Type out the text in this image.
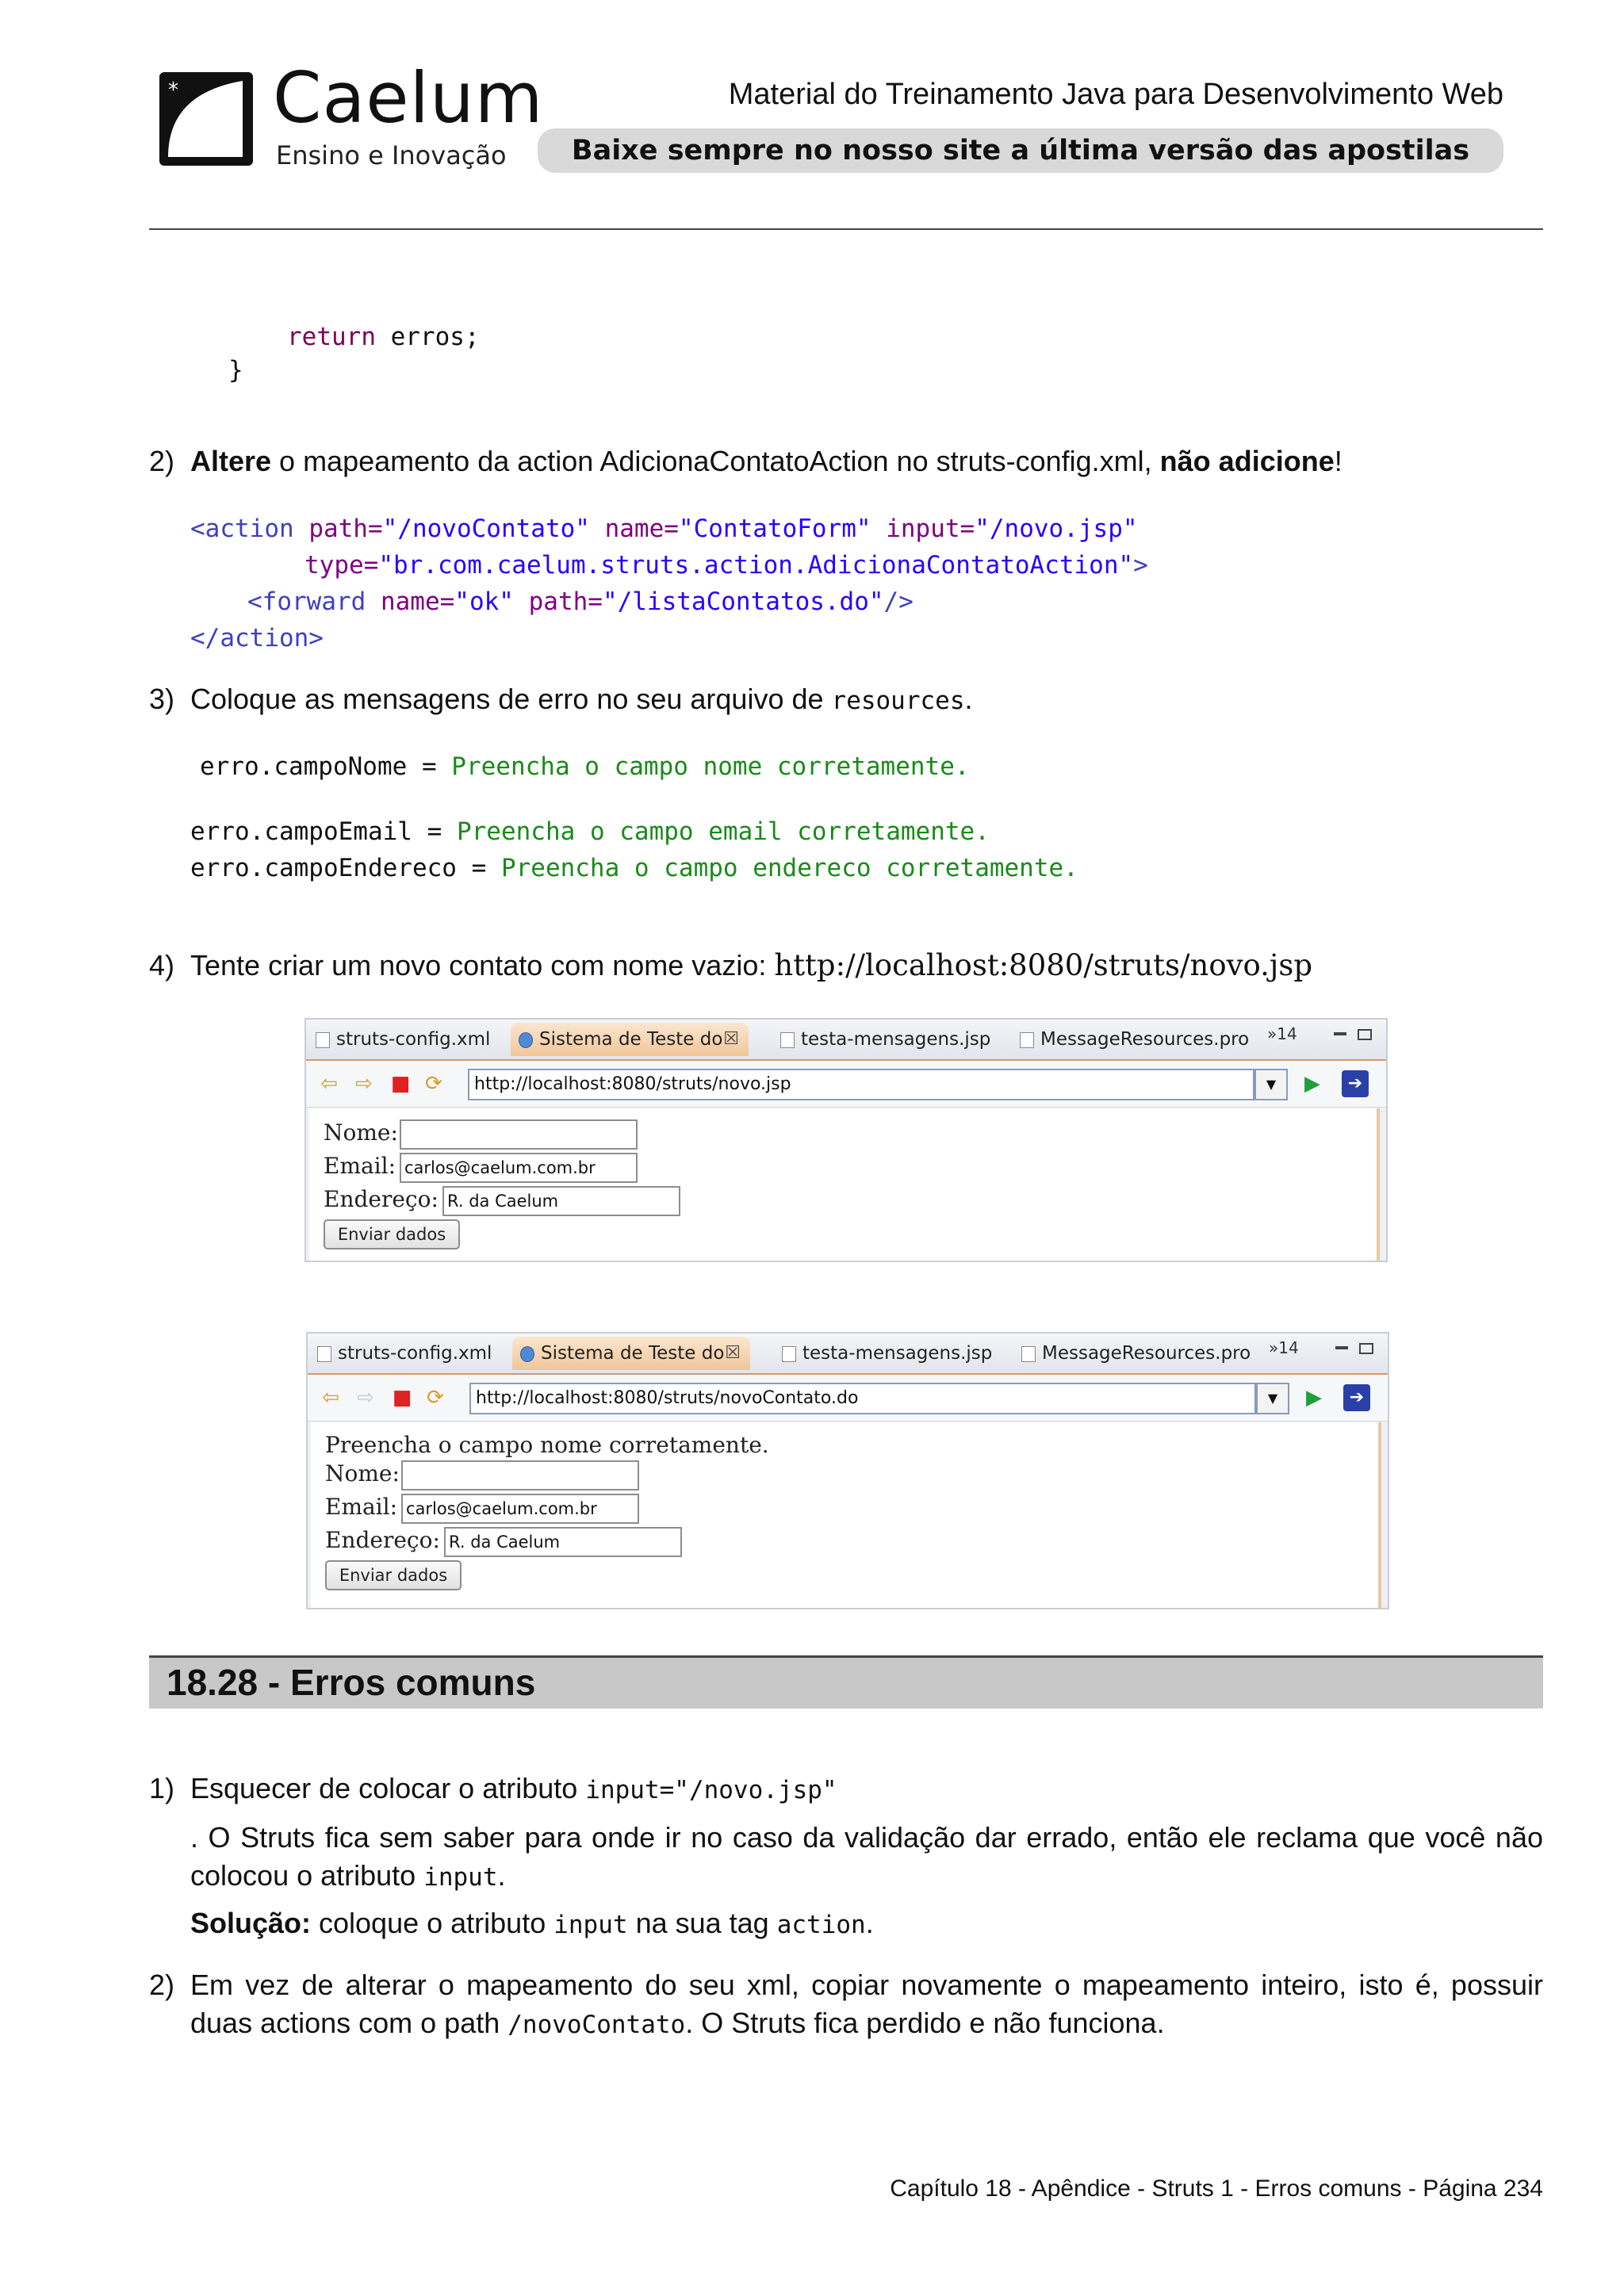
* Caelum
Ensino e Inovação
Material do Treinamento Java para Desenvolvimento Web
Baixe sempre no nosso site a última versão das apostilas
return erros;
}
2) Altere o mapeamento da action AdicionaContatoAction no struts-config.xml, não adicione!
<action path="/novoContato" name="ContatoForm" input="/novo.jsp"
type="br.com.caelum.struts.action.AdicionaContatoAction">
<forward name="ok" path="/listaContatos.do"/>
</action>
3) Coloque as mensagens de erro no seu arquivo de resources.
erro.campoNome = Preencha o campo nome corretamente.
erro.campoEmail = Preencha o campo email corretamente.
erro.campoEndereco = Preencha o campo endereco corretamente.
4) Tente criar um novo contato com nome vazio: http://localhost:8080/struts/novo.jsp
struts-config.xml	Sistema de Teste do ☒	testa-mensagens.jsp	MessageResources.pro »14
⇦ ⇨ ■ ⟳	http://localhost:8080/struts/novo.jsp	▼	▶	➔
Nome:
Email: carlos@caelum.com.br
Endereço: R. da Caelum
Enviar dados
struts-config.xml	Sistema de Teste do ☒	testa-mensagens.jsp	MessageResources.pro »14
⇦ ⇨ ■ ⟳	http://localhost:8080/struts/novoContato.do	▼	▶	➔
Preencha o campo nome corretamente.
Nome:
Email: carlos@caelum.com.br
Endereço: R. da Caelum
Enviar dados
18.28 - Erros comuns
1) Esquecer de colocar o atributo input="/novo.jsp"
. O Struts fica sem saber para onde ir no caso da validação dar errado, então ele reclama que você não colocou o atributo input.
Solução: coloque o atributo input na sua tag action.
2) Em vez de alterar o mapeamento do seu xml, copiar novamente o mapeamento inteiro, isto é, possuir duas actions com o path /novoContato. O Struts fica perdido e não funciona.
Capítulo 18 - Apêndice - Struts 1 - Erros comuns - Página 234
